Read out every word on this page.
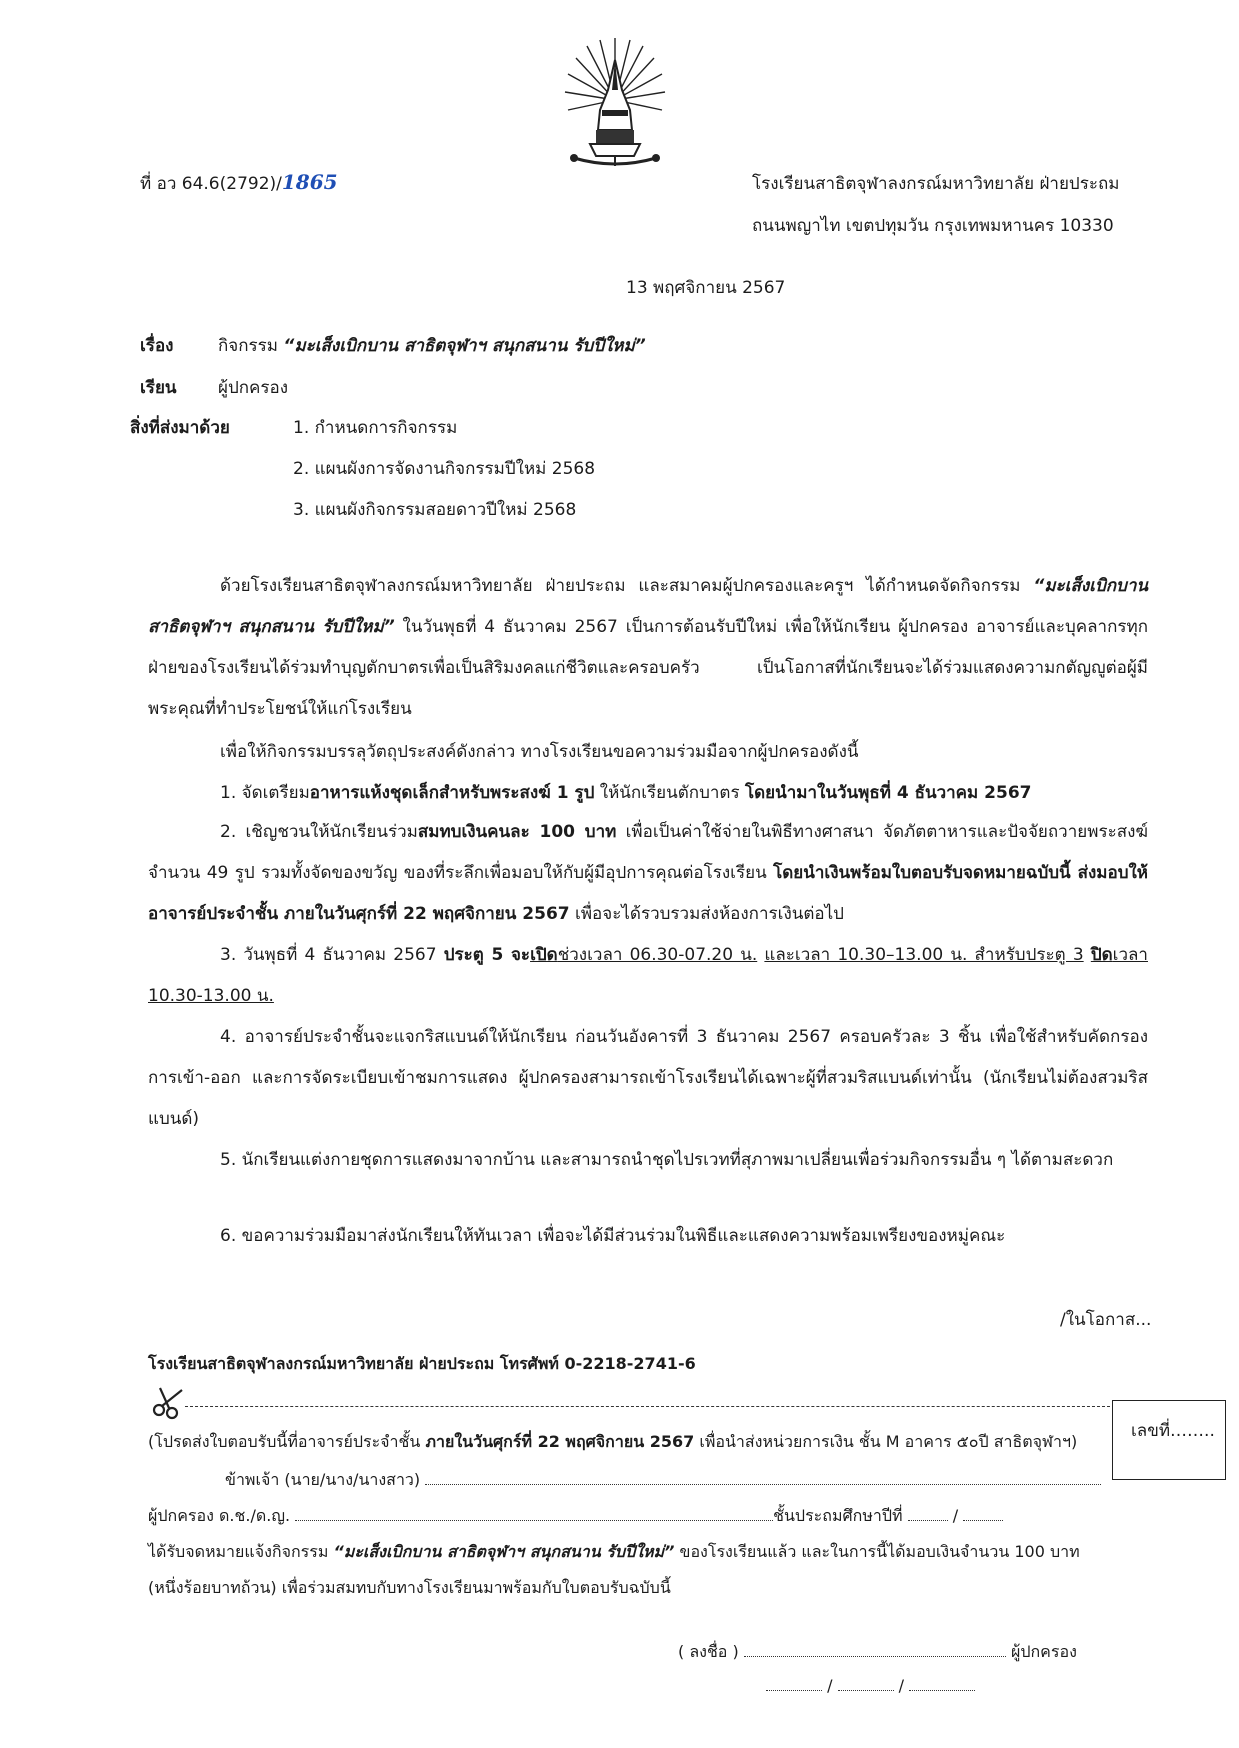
ที่ อว 64.6(2792)/1865	โรงเรียนสาธิตจุฬาลงกรณ์มหาวิทยาลัย ฝ่ายประถม
ถนนพญาไท เขตปทุมวัน กรุงเทพมหานคร 10330
13 พฤศจิกายน 2567
เรื่อง	กิจกรรม “มะเส็งเบิกบาน สาธิตจุฬาฯ สนุกสนาน รับปีใหม่”
เรียน ผู้ปกครอง
สิ่งที่ส่งมาด้วย	1. กำหนดการกิจกรรม
2. แผนผังการจัดงานกิจกรรมปีใหม่ 2568
3. แผนผังกิจกรรมสอยดาวปีใหม่ 2568
ด้วยโรงเรียนสาธิตจุฬาลงกรณ์มหาวิทยาลัย ฝ่ายประถม และสมาคมผู้ปกครองและครูฯ ได้กำหนดจัดกิจกรรม “มะเส็งเบิกบาน สาธิตจุฬาฯ สนุกสนาน รับปีใหม่” ในวันพุธที่ 4 ธันวาคม 2567 เป็นการต้อนรับปีใหม่ เพื่อให้นักเรียน ผู้ปกครอง อาจารย์และบุคลากรทุกฝ่ายของโรงเรียนได้ร่วมทำบุญตักบาตรเพื่อเป็นสิริมงคลแก่ชีวิตและครอบครัว เป็นโอกาสที่นักเรียนจะได้ร่วมแสดงความกตัญญูต่อผู้มีพระคุณที่ทำประโยชน์ให้แก่โรงเรียน
เพื่อให้กิจกรรมบรรลุวัตถุประสงค์ดังกล่าว ทางโรงเรียนขอความร่วมมือจากผู้ปกครองดังนี้
1. จัดเตรียมอาหารแห้งชุดเล็กสำหรับพระสงฆ์ 1 รูป ให้นักเรียนตักบาตร โดยนำมาในวันพุธที่ 4 ธันวาคม 2567
2. เชิญชวนให้นักเรียนร่วมสมทบเงินคนละ 100 บาท เพื่อเป็นค่าใช้จ่ายในพิธีทางศาสนา จัดภัตตาหารและปัจจัยถวายพระสงฆ์ จำนวน 49 รูป รวมทั้งจัดของขวัญ ของที่ระลึกเพื่อมอบให้กับผู้มีอุปการคุณต่อโรงเรียน โดยนำเงินพร้อมใบตอบรับจดหมายฉบับนี้ ส่งมอบให้อาจารย์ประจำชั้น ภายในวันศุกร์ที่ 22 พฤศจิกายน 2567 เพื่อจะได้รวบรวมส่งห้องการเงินต่อไป
3. วันพุธที่ 4 ธันวาคม 2567 ประตู 5 จะเปิดช่วงเวลา 06.30-07.20 น. และเวลา 10.30–13.00 น. สำหรับประตู 3 ปิดเวลา 10.30-13.00 น.
4. อาจารย์ประจำชั้นจะแจกริสแบนด์ให้นักเรียน ก่อนวันอังคารที่ 3 ธันวาคม 2567 ครอบครัวละ 3 ชิ้น เพื่อใช้สำหรับคัดกรองการเข้า-ออก และการจัดระเบียบเข้าชมการแสดง ผู้ปกครองสามารถเข้าโรงเรียนได้เฉพาะผู้ที่สวมริสแบนด์เท่านั้น (นักเรียนไม่ต้องสวมริสแบนด์)
5. นักเรียนแต่งกายชุดการแสดงมาจากบ้าน และสามารถนำชุดไปรเวทที่สุภาพมาเปลี่ยนเพื่อร่วมกิจกรรมอื่น ๆ ได้ตามสะดวก
6. ขอความร่วมมือมาส่งนักเรียนให้ทันเวลา เพื่อจะได้มีส่วนร่วมในพิธีและแสดงความพร้อมเพรียงของหมู่คณะ
/ในโอกาส...
โรงเรียนสาธิตจุฬาลงกรณ์มหาวิทยาลัย ฝ่ายประถม โทรศัพท์ 0-2218-2741-6
เลขที่……..
(โปรดส่งใบตอบรับนี้ที่อาจารย์ประจำชั้น ภายในวันศุกร์ที่ 22 พฤศจิกายน 2567 เพื่อนำส่งหน่วยการเงิน ชั้น M อาคาร ๕๐ปี สาธิตจุฬาฯ)
ข้าพเจ้า (นาย/นาง/นางสาว)
ผู้ปกครอง ด.ช./ด.ญ.	ชั้นประถมศึกษาปีที่	/
ได้รับจดหมายแจ้งกิจกรรม “มะเส็งเบิกบาน สาธิตจุฬาฯ สนุกสนาน รับปีใหม่” ของโรงเรียนแล้ว และในการนี้ได้มอบเงินจำนวน 100 บาท
(หนึ่งร้อยบาทถ้วน) เพื่อร่วมสมทบกับทางโรงเรียนมาพร้อมกับใบตอบรับฉบับนี้
( ลงชื่อ )	ผู้ปกครอง
/	/
